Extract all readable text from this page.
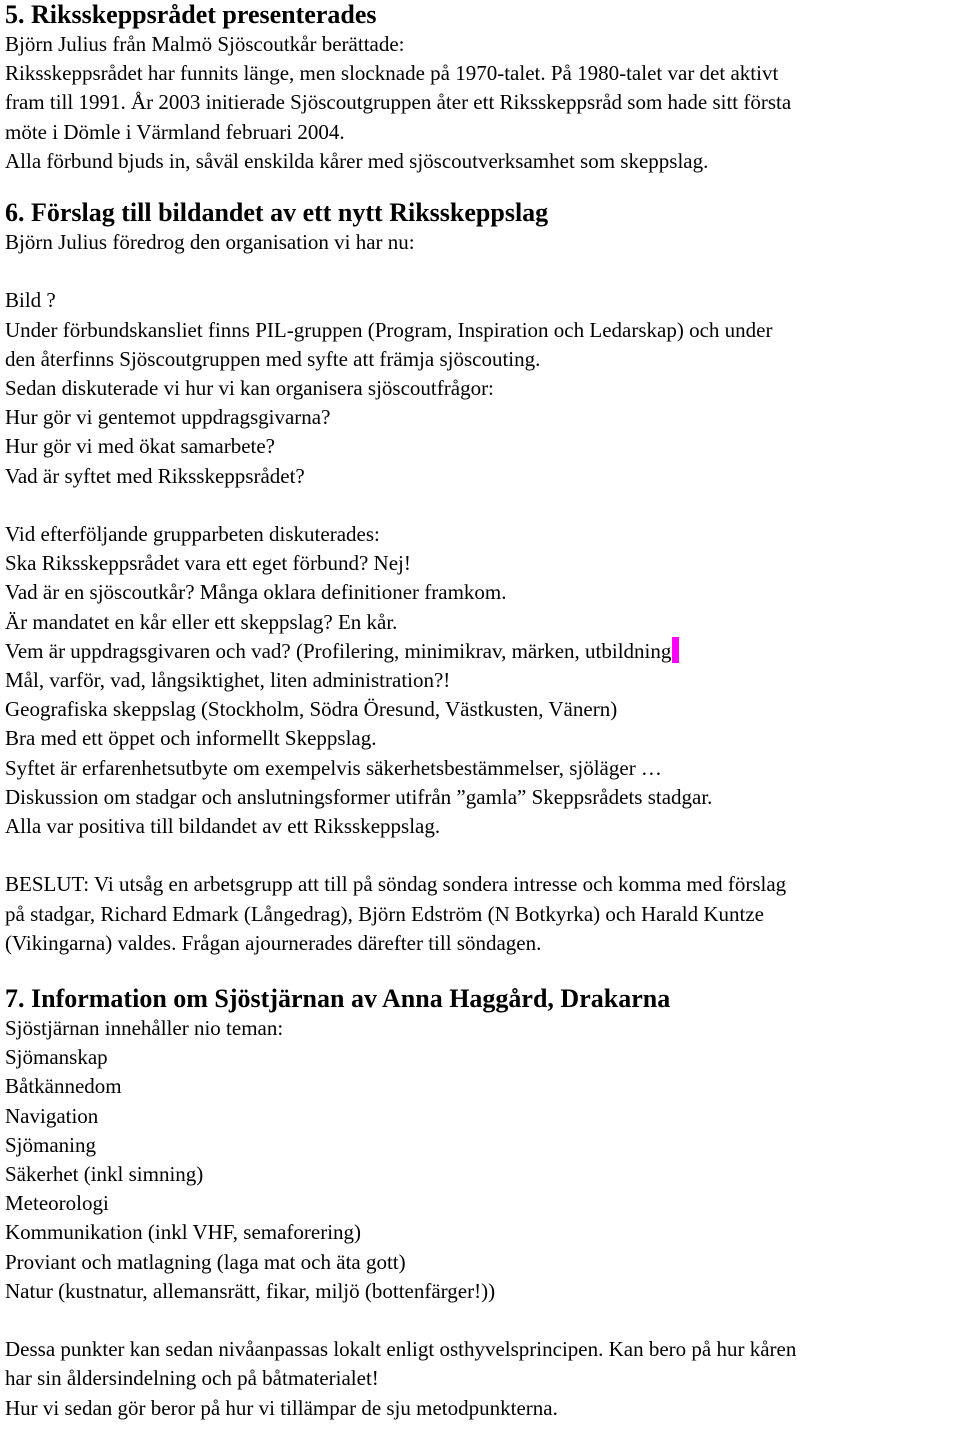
5. Riksskeppsrådet presenterades
Björn Julius från Malmö Sjöscoutkår berättade:
Riksskeppsrådet har funnits länge, men slocknade på 1970-talet. På 1980-talet var det aktivt
fram till 1991. År 2003 initierade Sjöscoutgruppen åter ett Riksskeppsråd som hade sitt första
möte i Dömle i Värmland februari 2004.
Alla förbund bjuds in, såväl enskilda kårer med sjöscoutverksamhet som skeppslag.
6. Förslag till bildandet av ett nytt Riksskeppslag
Björn Julius föredrog den organisation vi har nu:
Bild ?
Under förbundskansliet finns PIL-gruppen (Program, Inspiration och Ledarskap) och under
den återfinns Sjöscoutgruppen med syfte att främja sjöscouting.
Sedan diskuterade vi hur vi kan organisera sjöscoutfrågor:
Hur gör vi gentemot uppdragsgivarna?
Hur gör vi med ökat samarbete?
Vad är syftet med Riksskeppsrådet?
Vid efterföljande grupparbeten diskuterades:
Ska Riksskeppsrådet vara ett eget förbund? Nej!
Vad är en sjöscoutkår? Många oklara definitioner framkom.
Är mandatet en kår eller ett skeppslag? En kår.
Vem är uppdragsgivaren och vad? (Profilering, minimikrav, märken, utbildning
Mål, varför, vad, långsiktighet, liten administration?!
Geografiska skeppslag (Stockholm, Södra Öresund, Västkusten, Vänern)
Bra med ett öppet och informellt Skeppslag.
Syftet är erfarenhetsutbyte om exempelvis säkerhetsbestämmelser, sjöläger …
Diskussion om stadgar och anslutningsformer utifrån ”gamla” Skeppsrådets stadgar.
Alla var positiva till bildandet av ett Riksskeppslag.
BESLUT: Vi utsåg en arbetsgrupp att till på söndag sondera intresse och komma med förslag
på stadgar, Richard Edmark (Långedrag), Björn Edström (N Botkyrka) och Harald Kuntze
(Vikingarna) valdes. Frågan ajournerades därefter till söndagen.
7. Information om Sjöstjärnan av Anna Haggård, Drakarna
Sjöstjärnan innehåller nio teman:
Sjömanskap
Båtkännedom
Navigation
Sjömaning
Säkerhet (inkl simning)
Meteorologi
Kommunikation (inkl VHF, semaforering)
Proviant och matlagning (laga mat och äta gott)
Natur (kustnatur, allemansrätt, fikar, miljö (bottenfärger!))
Dessa punkter kan sedan nivåanpassas lokalt enligt osthyvelsprincipen. Kan bero på hur kåren
har sin åldersindelning och på båtmaterialet!
Hur vi sedan gör beror på hur vi tillämpar de sju metodpunkterna.
